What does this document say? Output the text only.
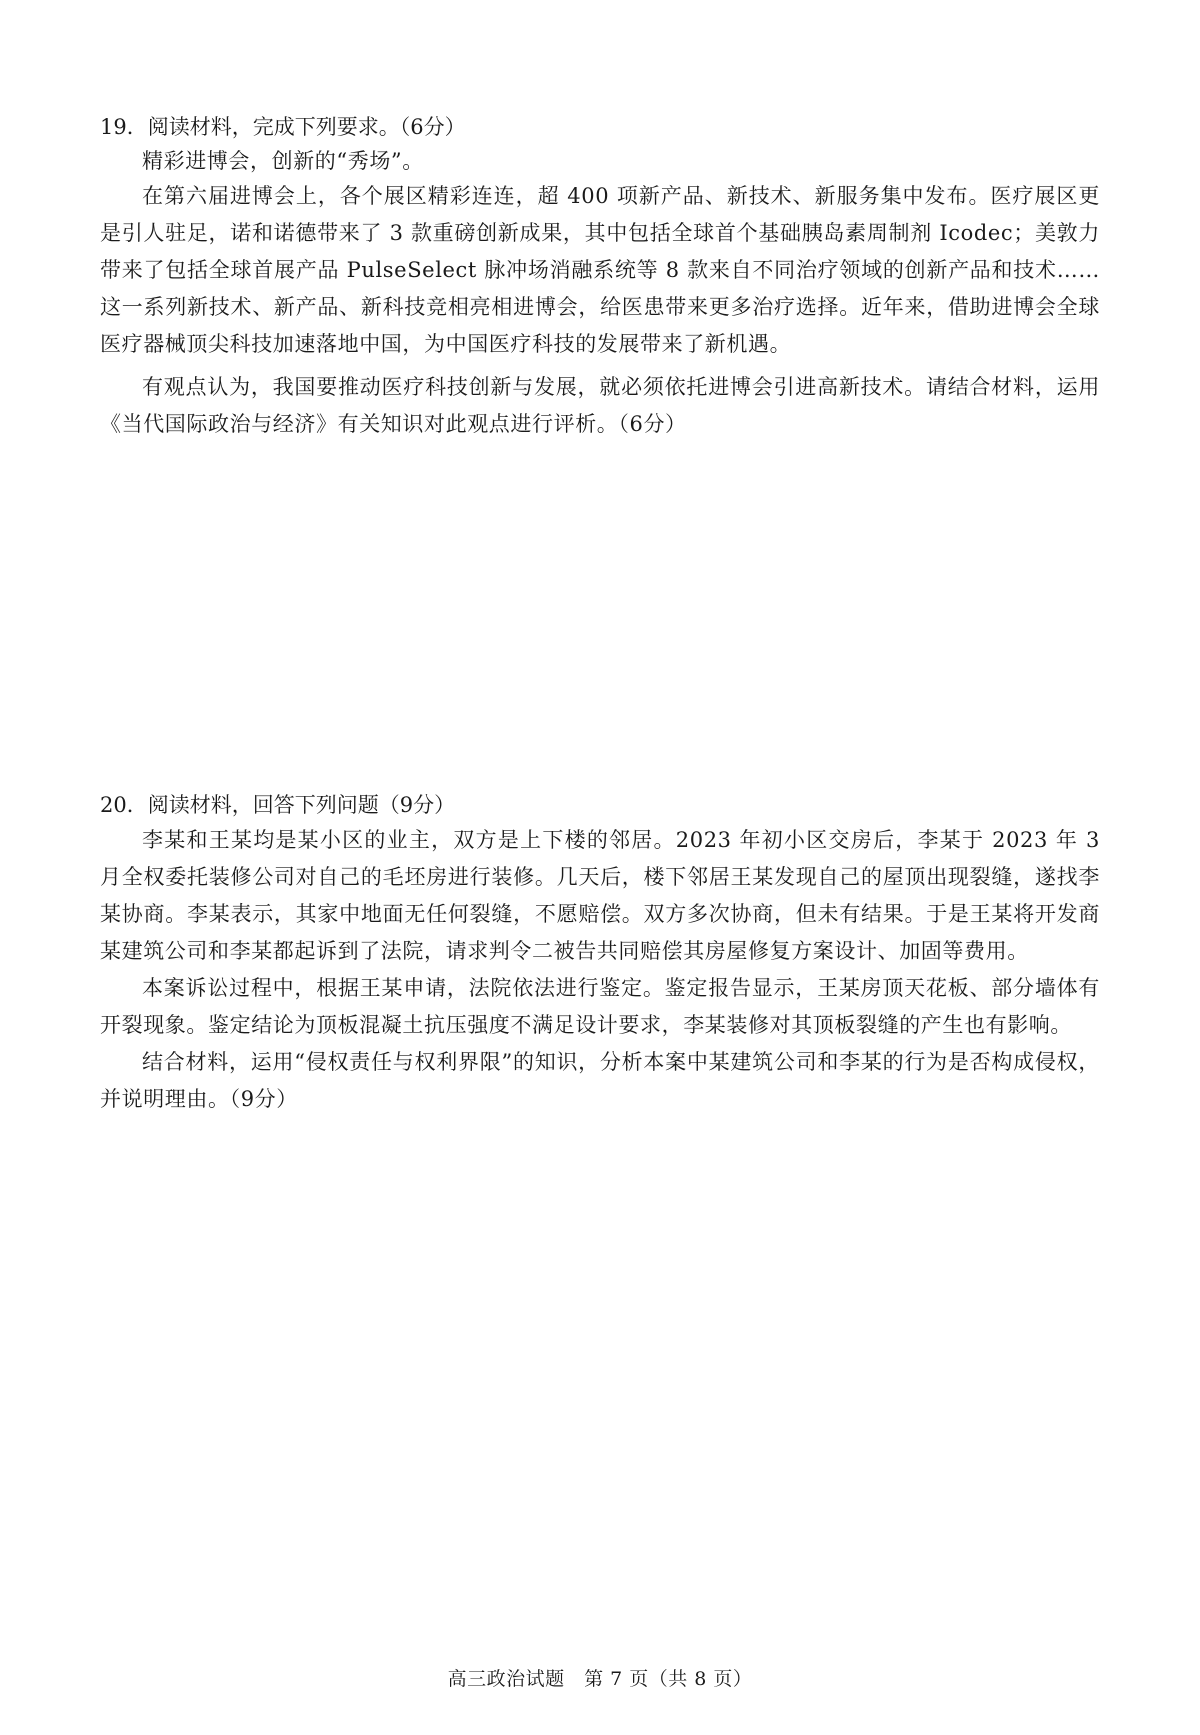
19．阅读材料，完成下列要求。（6分）

精彩进博会，创新的“秀场”。

在第六届进博会上，各个展区精彩连连，超 400 项新产品、新技术、新服务集中发布。医疗展区更是引人驻足，诺和诺德带来了 3 款重磅创新成果，其中包括全球首个基础胰岛素周制剂 Icodec；美敦力带来了包括全球首展产品 PulseSelect 脉冲场消融系统等 8 款来自不同治疗领域的创新产品和技术……这一系列新技术、新产品、新科技竞相亮相进博会，给医患带来更多治疗选择。近年来，借助进博会全球医疗器械顶尖科技加速落地中国，为中国医疗科技的发展带来了新机遇。

有观点认为，我国要推动医疗科技创新与发展，就必须依托进博会引进高新技术。请结合材料，运用《当代国际政治与经济》有关知识对此观点进行评析。（6分）

20．阅读材料，回答下列问题（9分）

李某和王某均是某小区的业主，双方是上下楼的邻居。2023 年初小区交房后，李某于 2023 年 3 月全权委托装修公司对自己的毛坯房进行装修。几天后，楼下邻居王某发现自己的屋顶出现裂缝，遂找李某协商。李某表示，其家中地面无任何裂缝，不愿赔偿。双方多次协商，但未有结果。于是王某将开发商某建筑公司和李某都起诉到了法院，请求判令二被告共同赔偿其房屋修复方案设计、加固等费用。

本案诉讼过程中，根据王某申请，法院依法进行鉴定。鉴定报告显示，王某房顶天花板、部分墙体有开裂现象。鉴定结论为顶板混凝土抗压强度不满足设计要求，李某装修对其顶板裂缝的产生也有影响。

结合材料，运用“侵权责任与权利界限”的知识，分析本案中某建筑公司和李某的行为是否构成侵权，并说明理由。（9分）

高三政治试题　第 7 页（共 8 页）
